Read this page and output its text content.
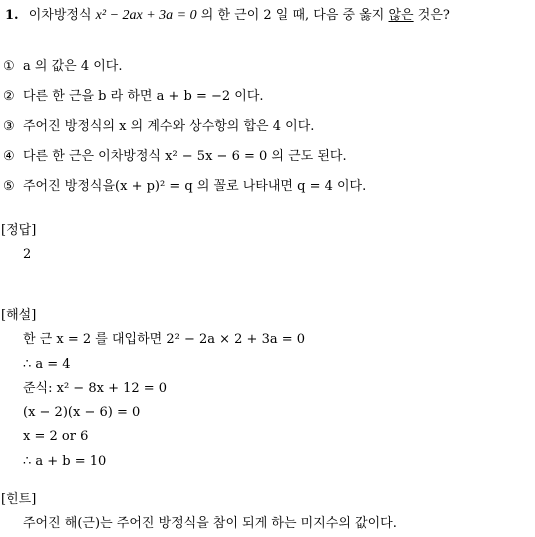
1. 이차방정식 x² − 2ax + 3a = 0 의 한 근이 2 일 때, 다음 중 옳지 않은 것은?
① a 의 값은 4 이다.
② 다른 한 근을 b 라 하면 a + b = −2 이다.
③ 주어진 방정식의 x 의 계수와 상수항의 합은 4 이다.
④ 다른 한 근은 이차방정식 x² − 5x − 6 = 0 의 근도 된다.
⑤ 주어진 방정식을(x + p)² = q 의 꼴로 나타내면 q = 4 이다.
[정답]
2
[해설]
한 근 x = 2 를 대입하면 2² − 2a × 2 + 3a = 0
∴ a = 4
준식: x² − 8x + 12 = 0
(x − 2)(x − 6) = 0
x = 2 or 6
∴ a + b = 10
[힌트]
주어진 해(근)는 주어진 방정식을 참이 되게 하는 미지수의 값이다.
